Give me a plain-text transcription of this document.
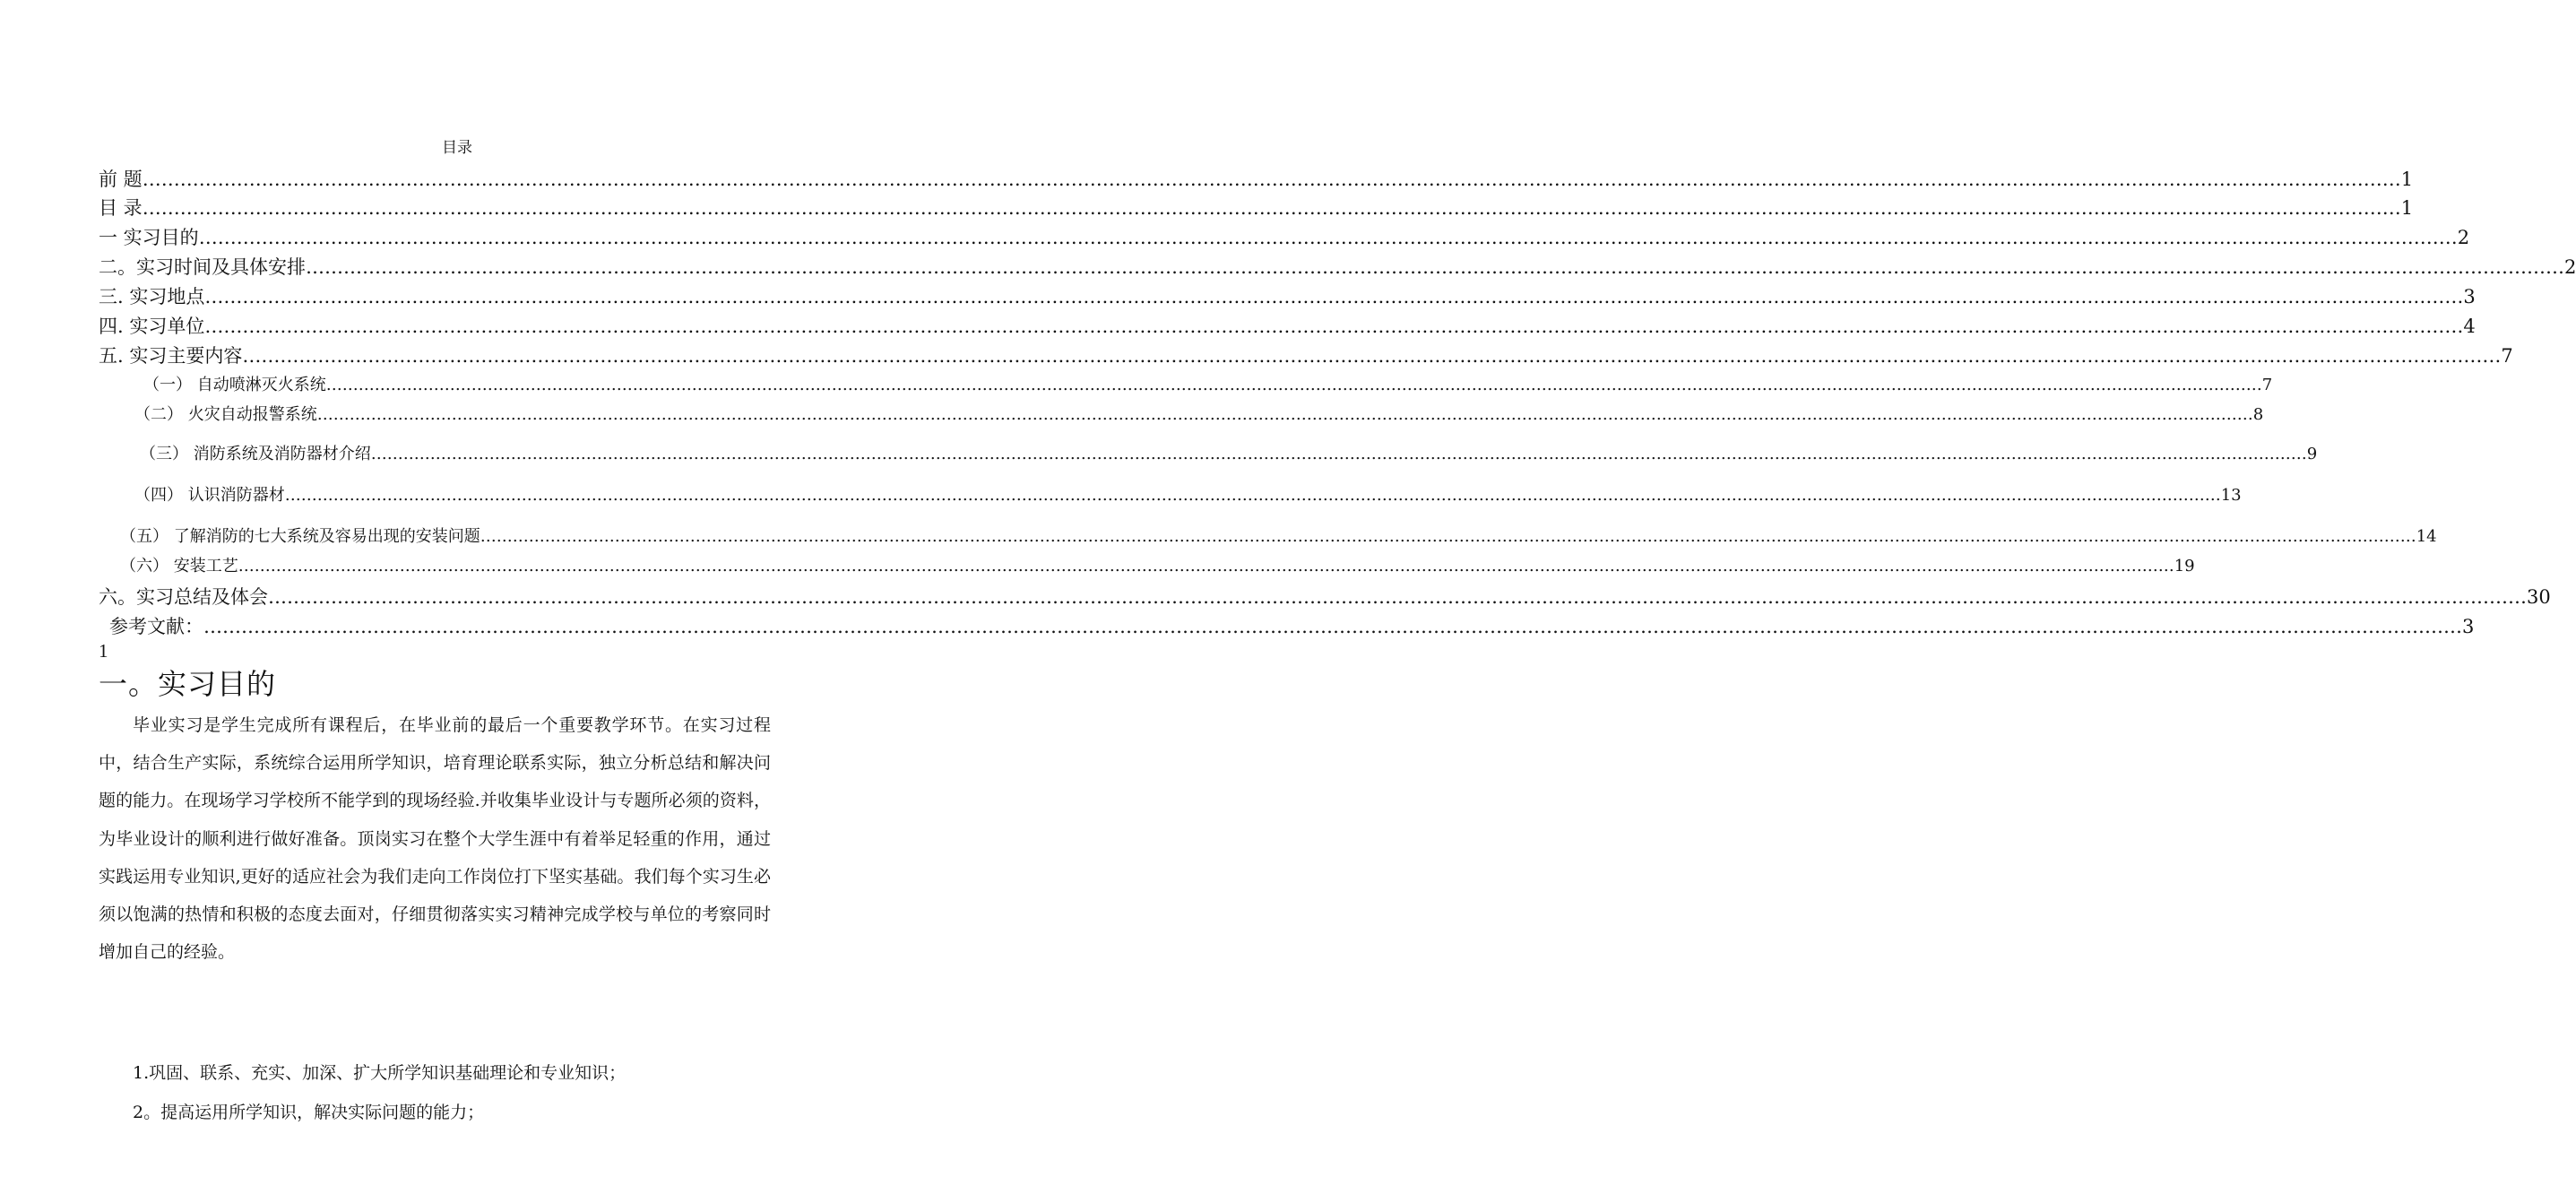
目录
前 题 ……………………………………………………………………………………………………………………………………………………………………………………………………………………………………………………………………………………………………………………………… 1
目 录 ……………………………………………………………………………………………………………………………………………………………………………………………………………………………………………………………………………………………………………………………… 1
一 实习目的 ……………………………………………………………………………………………………………………………………………………………………………………………………………………………………………………………………………………………………………………………… 2
二。实习时间及具体安排 ……………………………………………………………………………………………………………………………………………………………………………………………………………………………………………………………………………………………………………………………… 2
三. 实习地点 ……………………………………………………………………………………………………………………………………………………………………………………………………………………………………………………………………………………………………………………………… 3
四. 实习单位 ……………………………………………………………………………………………………………………………………………………………………………………………………………………………………………………………………………………………………………………………… 4
五. 实习主要内容 ……………………………………………………………………………………………………………………………………………………………………………………………………………………………………………………………………………………………………………………………… 7
（一） 自动喷淋灭火系统 ……………………………………………………………………………………………………………………………………………………………………………………………………………………………………………………………………………………………………………………………… 7
（二） 火灾自动报警系统 ……………………………………………………………………………………………………………………………………………………………………………………………………………………………………………………………………………………………………………………………… 8
（三） 消防系统及消防器材介绍 ……………………………………………………………………………………………………………………………………………………………………………………………………………………………………………………………………………………………………………………………… 9
（四） 认识消防器材 ……………………………………………………………………………………………………………………………………………………………………………………………………………………………………………………………………………………………………………………………… 13
（五） 了解消防的七大系统及容易出现的安装问题 ……………………………………………………………………………………………………………………………………………………………………………………………………………………………………………………………………………………………………………………………… 14
（六） 安装工艺 ……………………………………………………………………………………………………………………………………………………………………………………………………………………………………………………………………………………………………………………………… 19
六。实习总结及体会 ……………………………………………………………………………………………………………………………………………………………………………………………………………………………………………………………………………………………………………………………… 30
参考文献： ……………………………………………………………………………………………………………………………………………………………………………………………………………………………………………………………………………………………………………………………… 3
1
一。实习目的

毕业实习是学生完成所有课程后，在毕业前的最后一个重要教学环节。在实习过程中，结合生产实际，系统综合运用所学知识，培育理论联系实际，独立分析总结和解决问题的能力。在现场学习学校所不能学到的现场经验.并收集毕业设计与专题所必须的资料，为毕业设计的顺利进行做好准备。顶岗实习在整个大学生涯中有着举足轻重的作用，通过实践运用专业知识,更好的适应社会为我们走向工作岗位打下坚实基础。我们每个实习生必须以饱满的热情和积极的态度去面对，仔细贯彻落实实习精神完成学校与单位的考察同时增加自己的经验。

1.巩固、联系、充实、加深、扩大所学知识基础理论和专业知识；
2。提高运用所学知识，解决实际问题的能力；
